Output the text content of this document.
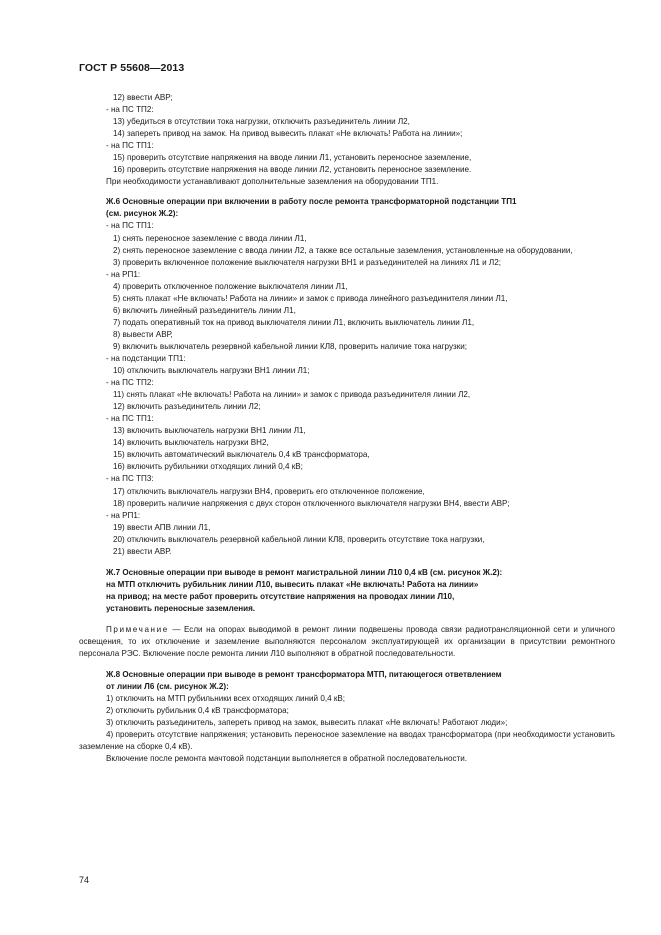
ГОСТ Р 55608—2013

12) ввести АВР;

- на ПС ТП2:

13) убедиться в отсутствии тока нагрузки, отключить разъединитель линии Л2,

14) запереть привод на замок. На привод вывесить плакат «Не включать! Работа на линии»;

- на ПС ТП1:

15) проверить отсутствие напряжения на вводе линии Л1, установить переносное заземление,

16) проверить отсутствие напряжения на вводе линии Л2, установить переносное заземление.

При необходимости устанавливают дополнительные заземления на оборудовании ТП1.

Ж.6 Основные операции при включении в работу после ремонта трансформаторной подстанции ТП1
(см. рисунок Ж.2):

- на ПС ТП1:

1) снять переносное заземление с ввода линии Л1,

2) снять переносное заземление с ввода линии Л2, а также все остальные заземления, установленные на оборудовании,

3) проверить включенное положение выключателя нагрузки ВН1 и разъединителей на линиях Л1 и Л2;

- на РП1:

4) проверить отключенное положение выключателя линии Л1,

5) снять плакат «Не включать! Работа на линии» и замок с привода линейного разъединителя линии Л1,

6) включить линейный разъединитель линии Л1,

7) подать оперативный ток на привод выключателя линии Л1, включить выключатель линии Л1,

8) вывести АВР,

9) включить выключатель резервной кабельной линии КЛ8, проверить наличие тока нагрузки;

- на подстанции ТП1:

10) отключить выключатель нагрузки ВН1 линии Л1;

- на ПС ТП2:

11) снять плакат «Не включать! Работа на линии» и замок с привода разъединителя линии Л2,

12) включить разъединитель линии Л2;

- на ПС ТП1:

13) включить выключатель нагрузки ВН1 линии Л1,

14) включить выключатель нагрузки ВН2,

15) включить автоматический выключатель 0,4 кВ трансформатора,

16) включить рубильники отходящих линий 0,4 кВ;

- на ПС ТП3:

17) отключить выключатель нагрузки ВН4, проверить его отключенное положение,

18) проверить наличие напряжения с двух сторон отключенного выключателя нагрузки ВН4, ввести АВР;

- на РП1:

19) ввести АПВ линии Л1,

20) отключить выключатель резервной кабельной линии КЛ8, проверить отсутствие тока нагрузки,

21) ввести АВР.

Ж.7 Основные операции при выводе в ремонт магистральной линии Л10 0,4 кВ (см. рисунок Ж.2):
на МТП отключить рубильник линии Л10, вывесить плакат «Не включать! Работа на линии»
на привод; на месте работ проверить отсутствие напряжения на проводах линии Л10,
установить переносные заземления.

Примечание — Если на опорах выводимой в ремонт линии подвешены провода связи радиотрансляционной сети и уличного освещения, то их отключение и заземление выполняются персоналом эксплуатирующей их организации в присутствии ремонтного персонала РЭС. Включение после ремонта линии Л10 выполняют в обратной последовательности.

Ж.8 Основные операции при выводе в ремонт трансформатора МТП, питающегося ответвлением
от линии Л6 (см. рисунок Ж.2):

1) отключить на МТП рубильники всех отходящих линий 0,4 кВ;

2) отключить рубильник 0,4 кВ трансформатора;

3) отключить разъединитель, запереть привод на замок, вывесить плакат «Не включать! Работают люди»;

4) проверить отсутствие напряжения; установить переносное заземление на вводах трансформатора (при необходимости установить заземление на сборке 0,4 кВ).

Включение после ремонта мачтовой подстанции выполняется в обратной последовательности.

74
